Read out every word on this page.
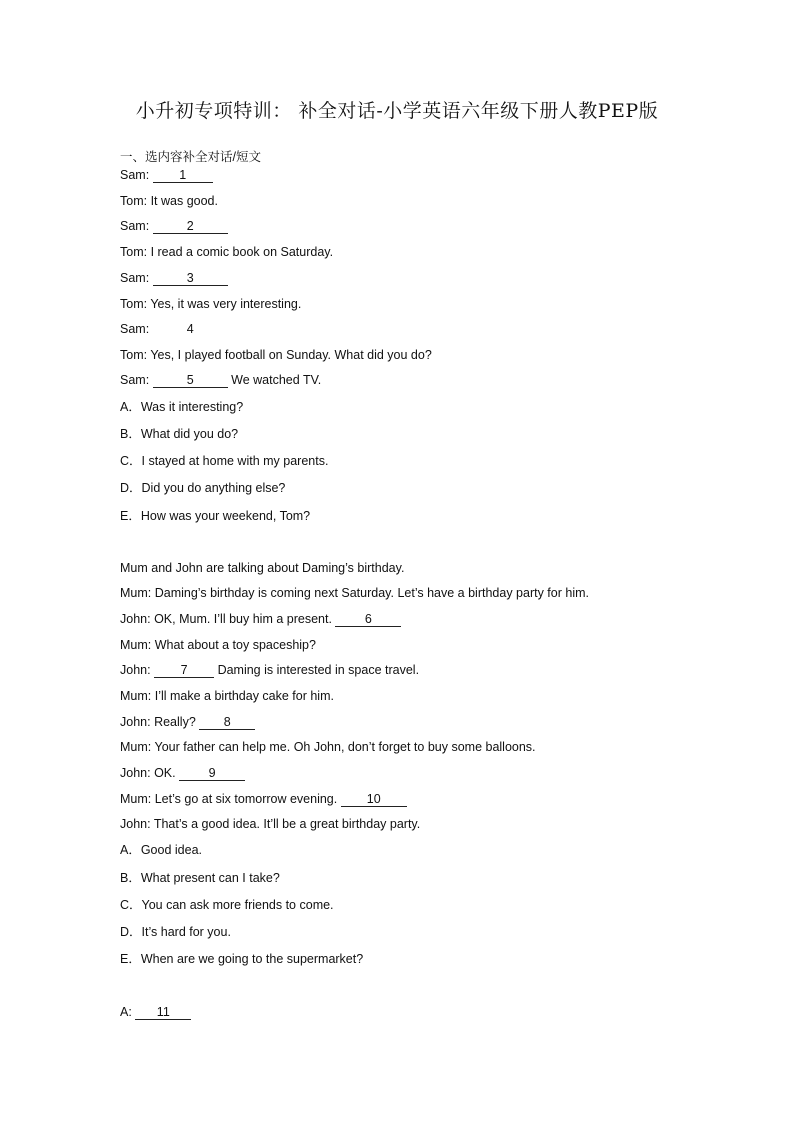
小升初专项特训： 补全对话-小学英语六年级下册人教PEP版
一、选内容补全对话/短文
Sam: 1
Tom: It was good.
Sam:	2
Tom: I read a comic book on Saturday.
Sam:	3
Tom: Yes, it was very interesting.
Sam:	4
Tom: Yes, I played football on Sunday. What did you do?
Sam:	5	We watched TV.
A．Was it interesting?
B．What did you do?
C．I stayed at home with my parents.
D．Did you do anything else?
E．How was your weekend, Tom?
Mum and John are talking about Daming’s birthday.
Mum: Daming’s birthday is coming next Saturday. Let’s have a birthday party for him.
John: OK, Mum. I’ll buy him a present.	6
Mum: What about a toy spaceship?
John: 7 Daming is interested in space travel.
Mum: I’ll make a birthday cake for him.
John: Really? 8
Mum: Your father can help me. Oh John, don’t forget to buy some balloons.
John: OK.	9
Mum: Let’s go at six tomorrow evening. 10
John: That’s a good idea. It’ll be a great birthday party.
A．Good idea.
B．What present can I take?
C．You can ask more friends to come.
D．It’s hard for you.
E．When are we going to the supermarket?
A: 11
